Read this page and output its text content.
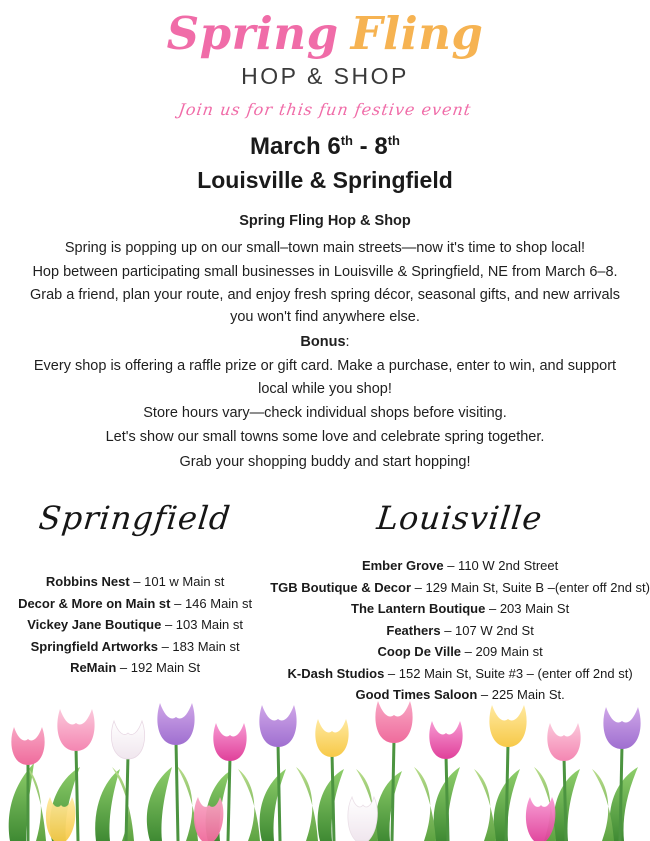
Spring Fling
HOP & SHOP
Join us for this fun festive event
March 6th - 8th
Louisville & Springfield
Spring Fling Hop & Shop

Spring is popping up on our small–town main streets—now it's time to shop local!

Hop between participating small businesses in Louisville & Springfield, NE from March 6–8. Grab a friend, plan your route, and enjoy fresh spring décor, seasonal gifts, and new arrivals you won't find anywhere else.

Bonus:

Every shop is offering a raffle prize or gift card. Make a purchase, enter to win, and support local while you shop!

Store hours vary—check individual shops before visiting.

Let's show our small towns some love and celebrate spring together.

Grab your shopping buddy and start hopping!

Springfield
Robbins Nest – 101 w Main st
Decor & More on Main st – 146 Main st
Vickey Jane Boutique – 103 Main st
Springfield Artworks – 183 Main st
ReMain – 192 Main St
Louisville
Ember Grove – 110 W 2nd Street
TGB Boutique & Decor – 129 Main St, Suite B –(enter off 2nd st)
The Lantern Boutique – 203 Main St
Feathers – 107 W 2nd St
Coop De Ville – 209 Main st
K-Dash Studios – 152 Main St, Suite #3 – (enter off 2nd st)
Good Times Saloon – 225 Main St.
